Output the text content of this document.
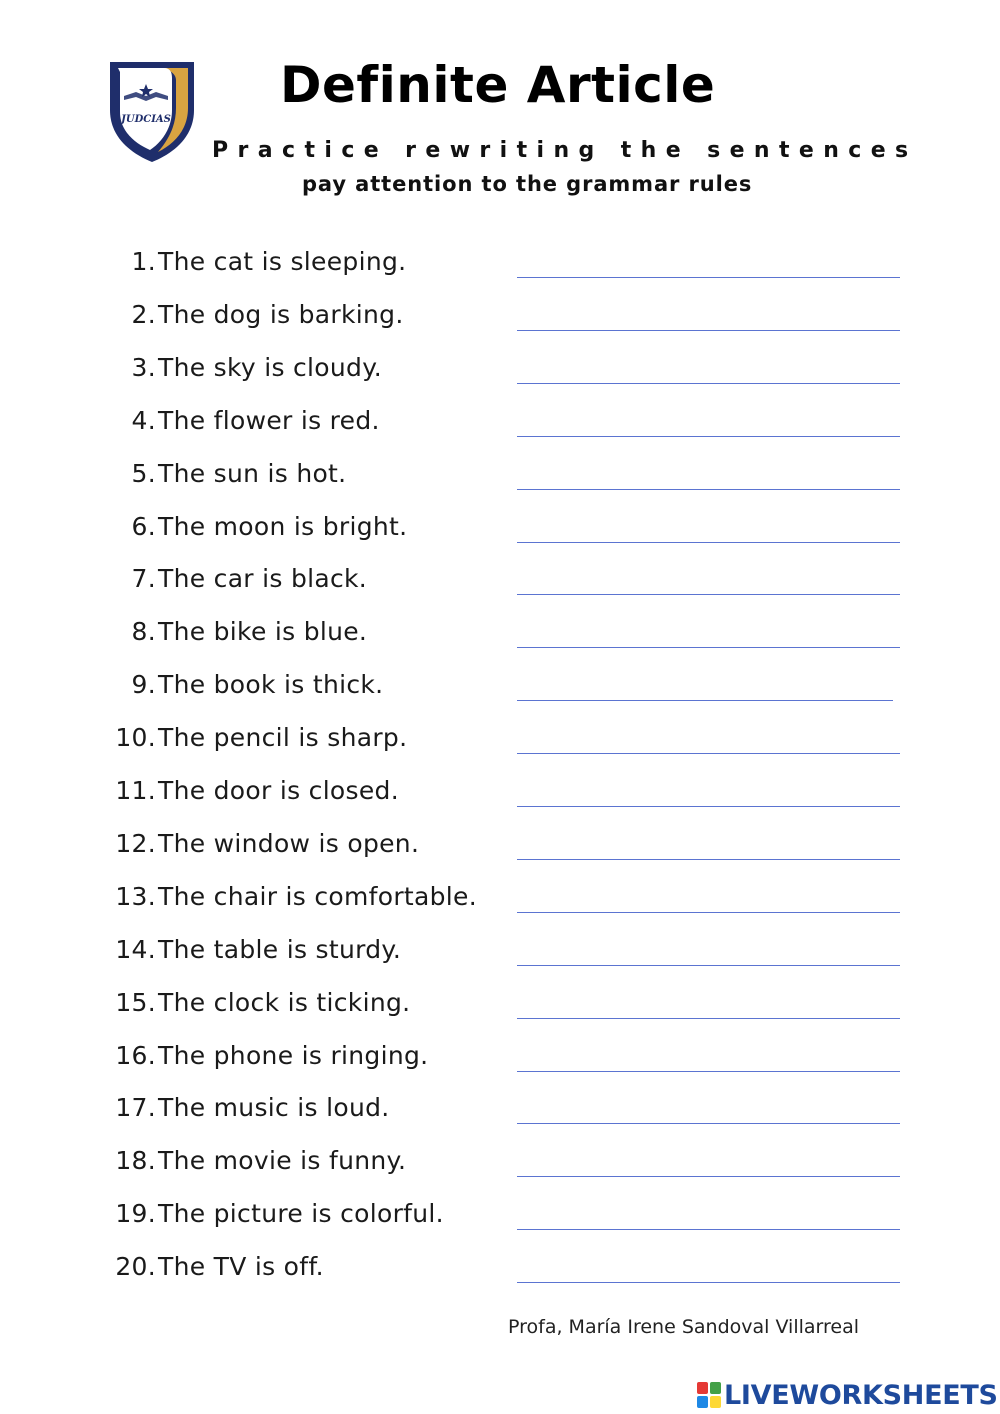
JUDCIAS
Definite Article

Practice rewriting the sentences

pay attention to the grammar rules

1. The cat is sleeping.
2. The dog is barking.
3. The sky is cloudy.
4. The flower is red.
5. The sun is hot.
6. The moon is bright.
7. The car is black.
8. The bike is blue.
9. The book is thick.
10. The pencil is sharp.
11. The door is closed.
12. The window is open.
13. The chair is comfortable.
14. The table is sturdy.
15. The clock is ticking.
16. The phone is ringing.
17. The music is loud.
18. The movie is funny.
19. The picture is colorful.
20. The TV is off.

Profa, María Irene Sandoval Villarreal

LIVEWORKSHEETS
